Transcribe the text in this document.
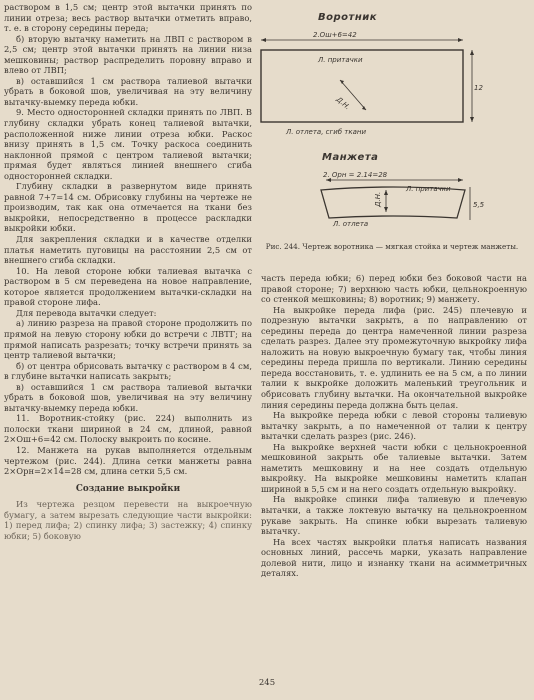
раствором в 1,5 см; центр этой вытачки принять по линии отреза; весь раствор вытачки отметить вправо, т. е. в сторону середины переда;

б) вторую вытачку наметить на ЛВП с раствором в 2,5 см; центр этой вытачки принять на линии низа мешковины; раствор распределить поровну вправо и влево от ЛВП;

в) оставшийся 1 см раствора талиевой вытачки убрать в боковой шов, увеличивая на эту величину вытачку-выемку переда юбки.

9. Место односторонней складки принять по ЛВП. В глубину складки убрать конец талиевой вытачки, расположенной ниже линии отреза юбки. Раскос внизу принять в 1,5 см. Точку раскоса соединить наклонной прямой с центром талиевой вытачки; прямая будет являться линией внешнего сгиба односторонней складки.

Глубину складки в развернутом виде принять равной 7+7=14 см. Обрисовку глубины на чертеже не производим, так как она отмечается на ткани без выкройки, непосредственно в процессе раскладки выкройки юбки.

Для закрепления складки и в качестве отделки платья наметить пуговицы на расстоянии 2,5 см от внешнего сгиба складки.

10. На левой стороне юбки талиевая вытачка с раствором в 5 см переведена на новое направление, которое является продолжением вытачки-складки на правой стороне лифа.

Для перевода вытачки следует:

а) линию разреза на правой стороне продолжить по прямой на левую сторону юбки до встречи с ЛВТГ; на прямой написать разрезать; точку встречи принять за центр талиевой вытачки;

б) от центра обрисовать вытачку с раствором в 4 см, в глубине вытачки написать закрыть;

в) оставшийся 1 см раствора талиевой вытачки убрать в боковой шов, увеличивая на эту величину вытачку-выемку переда юбки.

11. Воротник-стойку (рис. 224) выполнить из полоски ткани шириной в 24 см, длиной, равной 2×Ош+6=42 см. Полоску выкроить по косине.

12. Манжета на рукав выполняется отдельным чертежом (рис. 244). Длина сетки манжеты равна 2×Орн=2×14=28 см, длина сетки 5,5 см.

Создание выкройки

Из чертежа резцом перевести на выкроечную бумагу, а затем вырезать следующие части выкройки: 1) перед лифа; 2) спинку лифа; 3) застежку; 4) спинку юбки; 5) боковую

Воротник
Манжета
2.Ош+6=42
Л. притачки
12
Д.Н.
Л. отлета, сгиб ткани
2. Орн = 2.14=28
Л. притачки
5,5
Д.Н.
Л. отлета
Рис. 244. Чертеж воротника — мягкая стойка и чертеж манжеты.

часть переда юбки; 6) перед юбки без боковой части на правой стороне; 7) верхнюю часть юбки, цельнокроенную со стенкой мешковины; 8) воротник; 9) манжету.

На выкройке переда лифа (рис. 245) плечевую и подрезную вытачки закрыть, а по направлению от середины переда до центра намеченной линии разреза сделать разрез. Далее эту промежуточную выкройку лифа наложить на новую выкроечную бумагу так, чтобы линия середины переда пришла по вертикали. Линию середины переда восстановить, т. е. удлинить ее на 5 см, а по линии талии к выкройке доложить маленький треугольник и обрисовать глубину вытачки. На окончательной выкройке линия середины переда должна быть целая.

На выкройке переда юбки с левой стороны талиевую вытачку закрыть, а по намеченной от талии к центру вытачки сделать разрез (рис. 246).

На выкройке верхней части юбки с цельнокроенной мешковиной закрыть обе талиевые вытачки. Затем наметить мешковину и на нее создать отдельную выкройку. На выкройке мешковины наметить клапан шириной в 5,5 см и на него создать отдельную выкройку.

На выкройке спинки лифа талиевую и плечевую вытачки, а также локтевую вытачку на цельнокроенном рукаве закрыть. На спинке юбки вырезать талиевую вытачку.

На всех частях выкройки платья написать названия основных линий, рассечь марки, указать направление долевой нити, лицо и изнанку ткани на асимметричных деталях.

245
